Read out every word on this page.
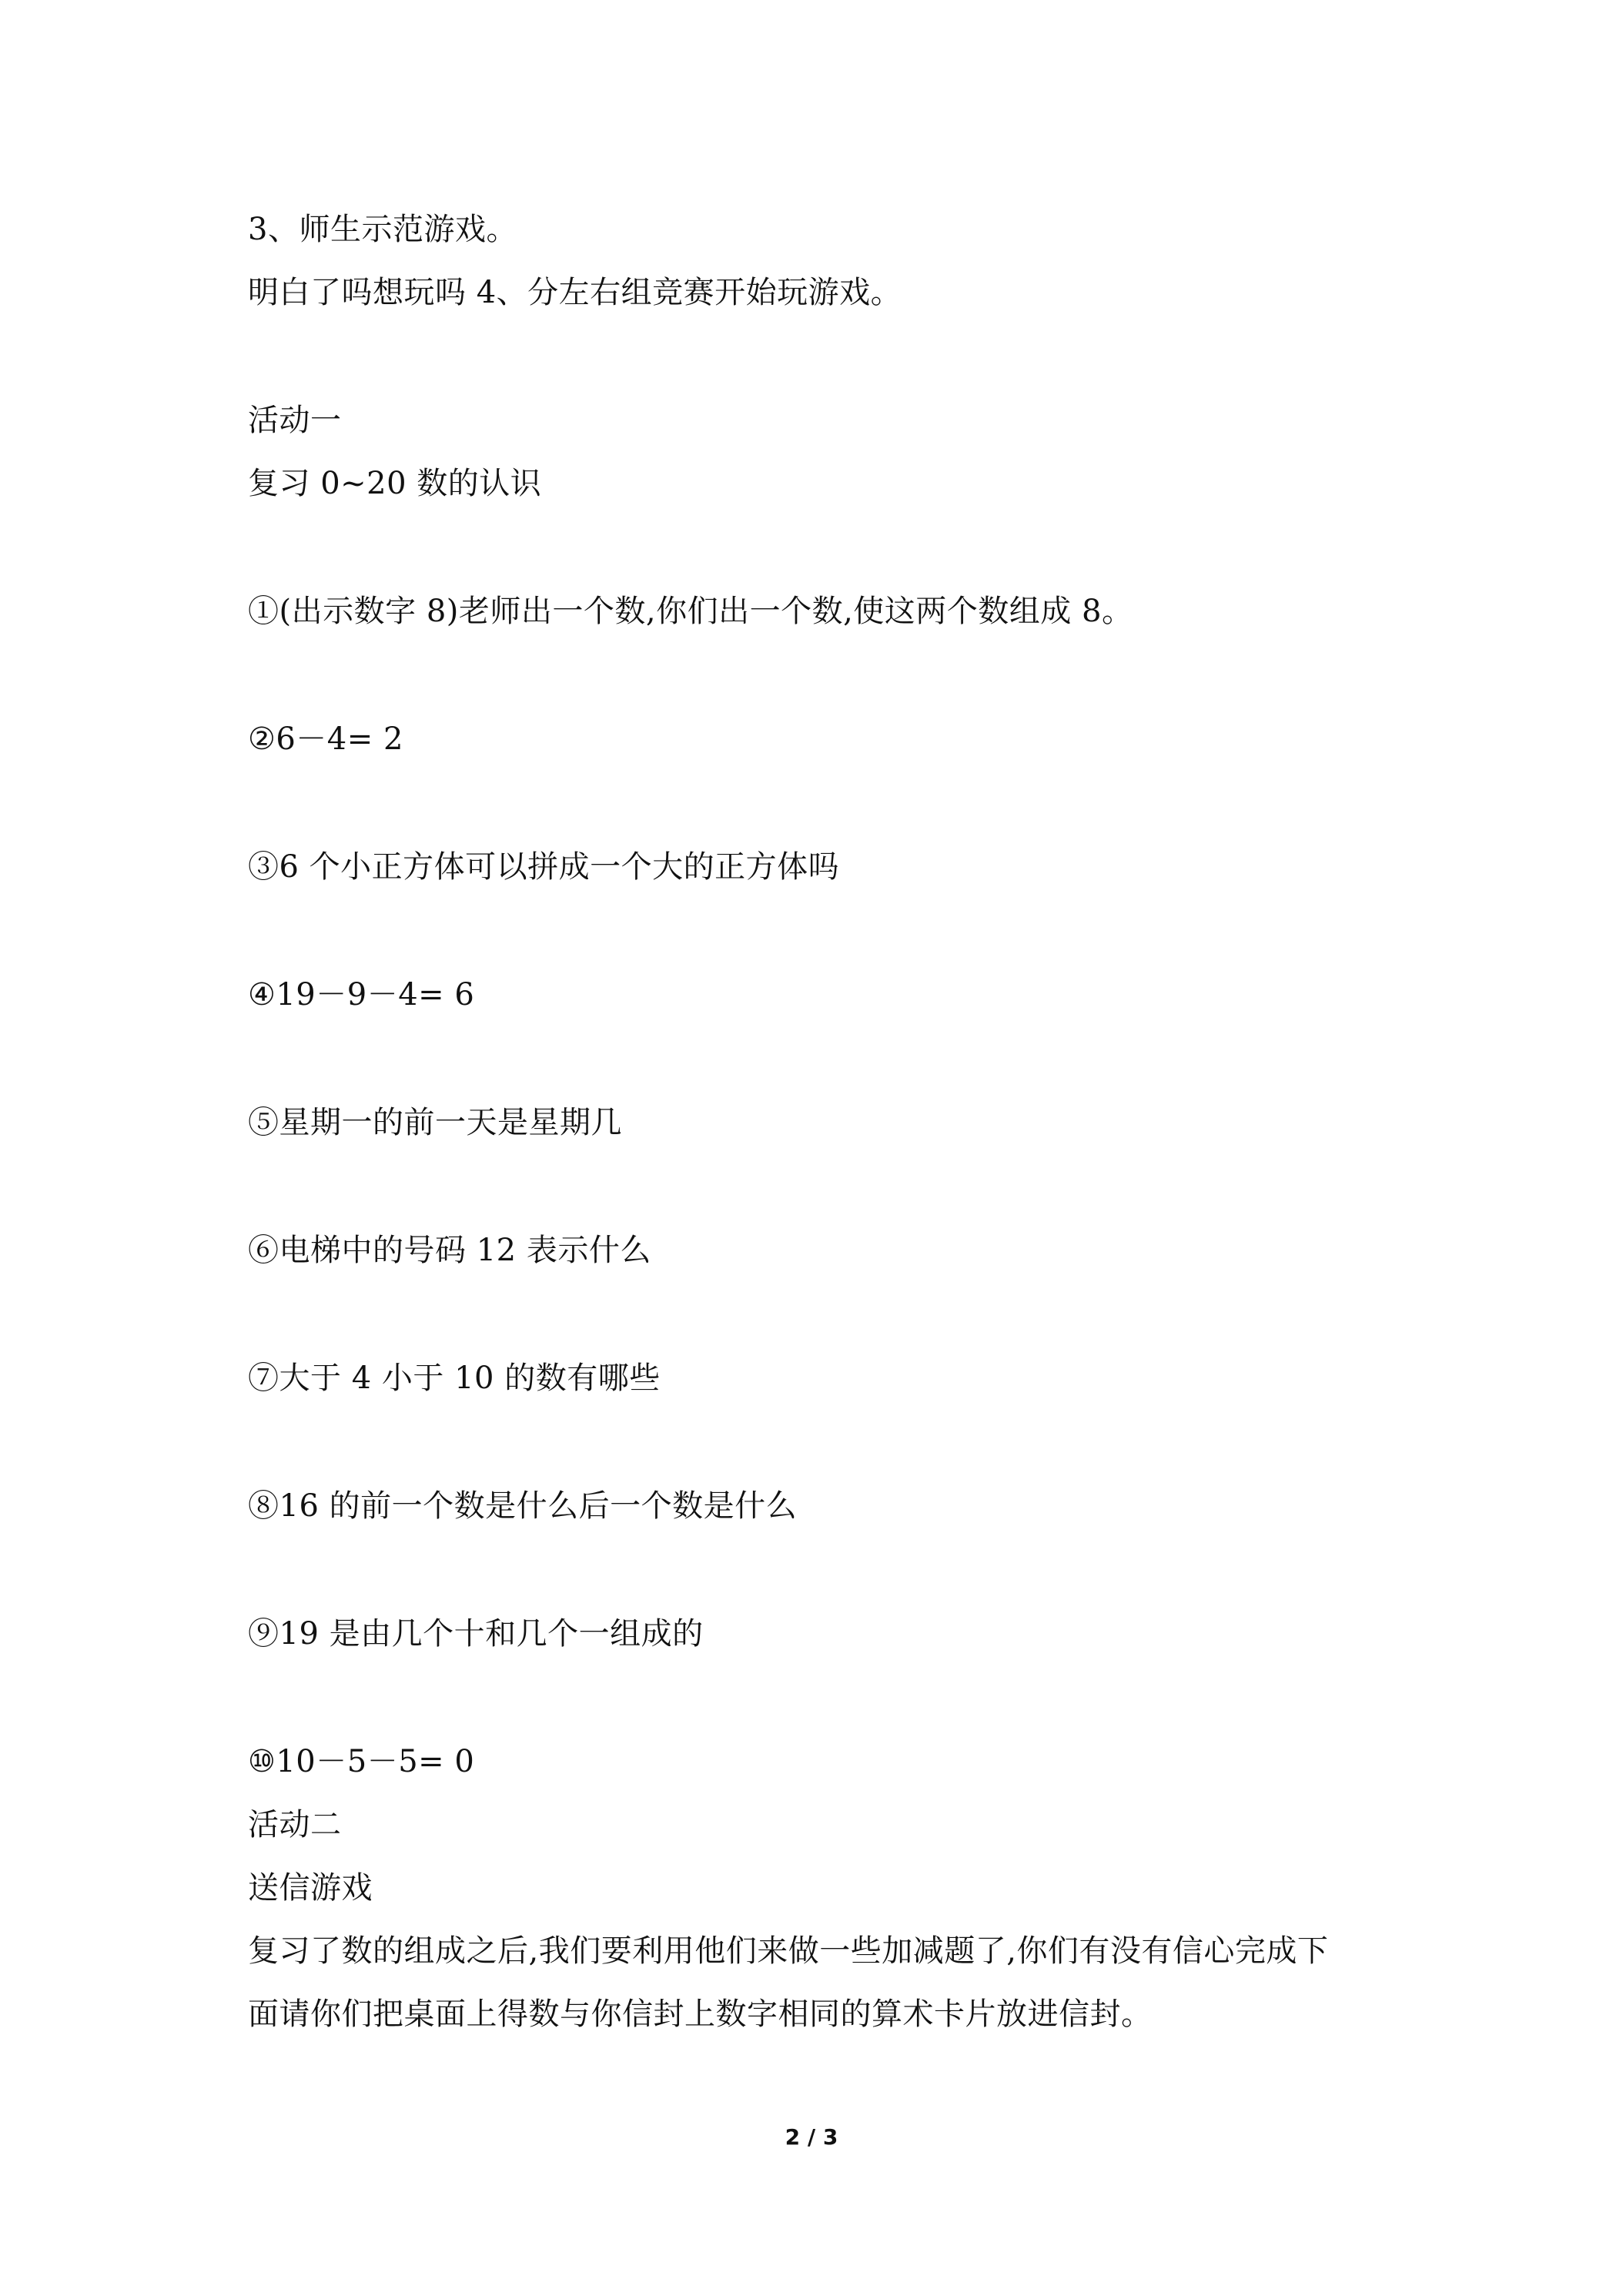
3、师生示范游戏。
明白了吗想玩吗 4、分左右组竞赛开始玩游戏。
活动一
复习 0~20 数的认识
①(出示数字 8)老师出一个数,你们出一个数,使这两个数组成 8。
②6－4= 2
③6 个小正方体可以拼成一个大的正方体吗
④19－9－4= 6
⑤星期一的前一天是星期几
⑥电梯中的号码 12 表示什么
⑦大于 4 小于 10 的数有哪些
⑧16 的前一个数是什么后一个数是什么
⑨19 是由几个十和几个一组成的
⑩10－5－5= 0
活动二
送信游戏
复习了数的组成之后,我们要利用他们来做一些加减题了,你们有没有信心完成下
面请你们把桌面上得数与你信封上数字相同的算术卡片放进信封。
2 / 3
